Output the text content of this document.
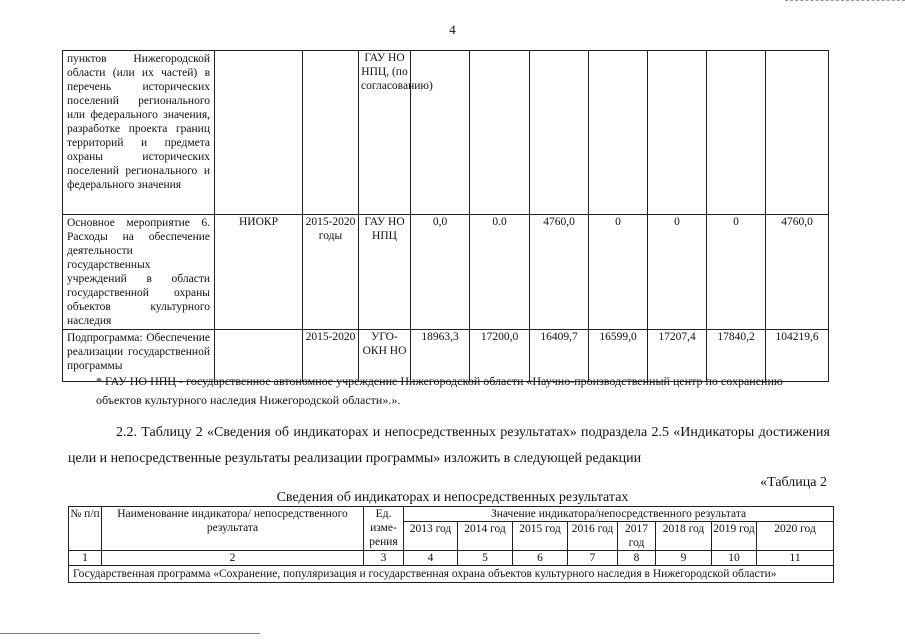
4
пунктов Нижегородской области (или их частей) в перечень исторических поселений регионального или федерального значения, разработке проекта границ территорий и предмета охраны исторических поселений регионального и федерального значения			ГАУ НО НПЦ, (по согласованию)							
Основное мероприятие 6. Расходы на обеспечение деятельности государственных учреждений в области государственной охраны объектов культурного наследия	НИОКР	2015-2020 годы	ГАУ НО НПЦ	0,0	0.0	4760,0	0	0	0	4760,0
Подпрограмма: Обеспечение реализации государственной программы		2015-2020	УГО-ОКН НО	18963,3	17200,0	16409,7	16599,0	17207,4	17840,2	104219,6
* ГАУ НО НПЦ - государственное автономное учреждение Нижегородской области «Научно-производственный центр по сохранению объектов культурного наследия Нижегородской области».».
2.2. Таблицу 2 «Сведения об индикаторах и непосредственных результатах» подраздела 2.5 «Индикаторы достижения цели и непосредственные результаты реализации программы» изложить в следующей редакции
«Таблица 2
Сведения об индикаторах и непосредственных результатах
№ п/п	Наименование индикатора/ непосредственного результата	Ед. изме- рения	Значение индикатора/непосредственного результата							
			2013 год	2014 год	2015 год	2016 год	2017 год	2018 год	2019 год	2020 год
1	2	3	4	5	6	7	8	9	10	11
Государственная программа «Сохранение, популяризация и государственная охрана объектов культурного наследия в Нижегородской области»										
